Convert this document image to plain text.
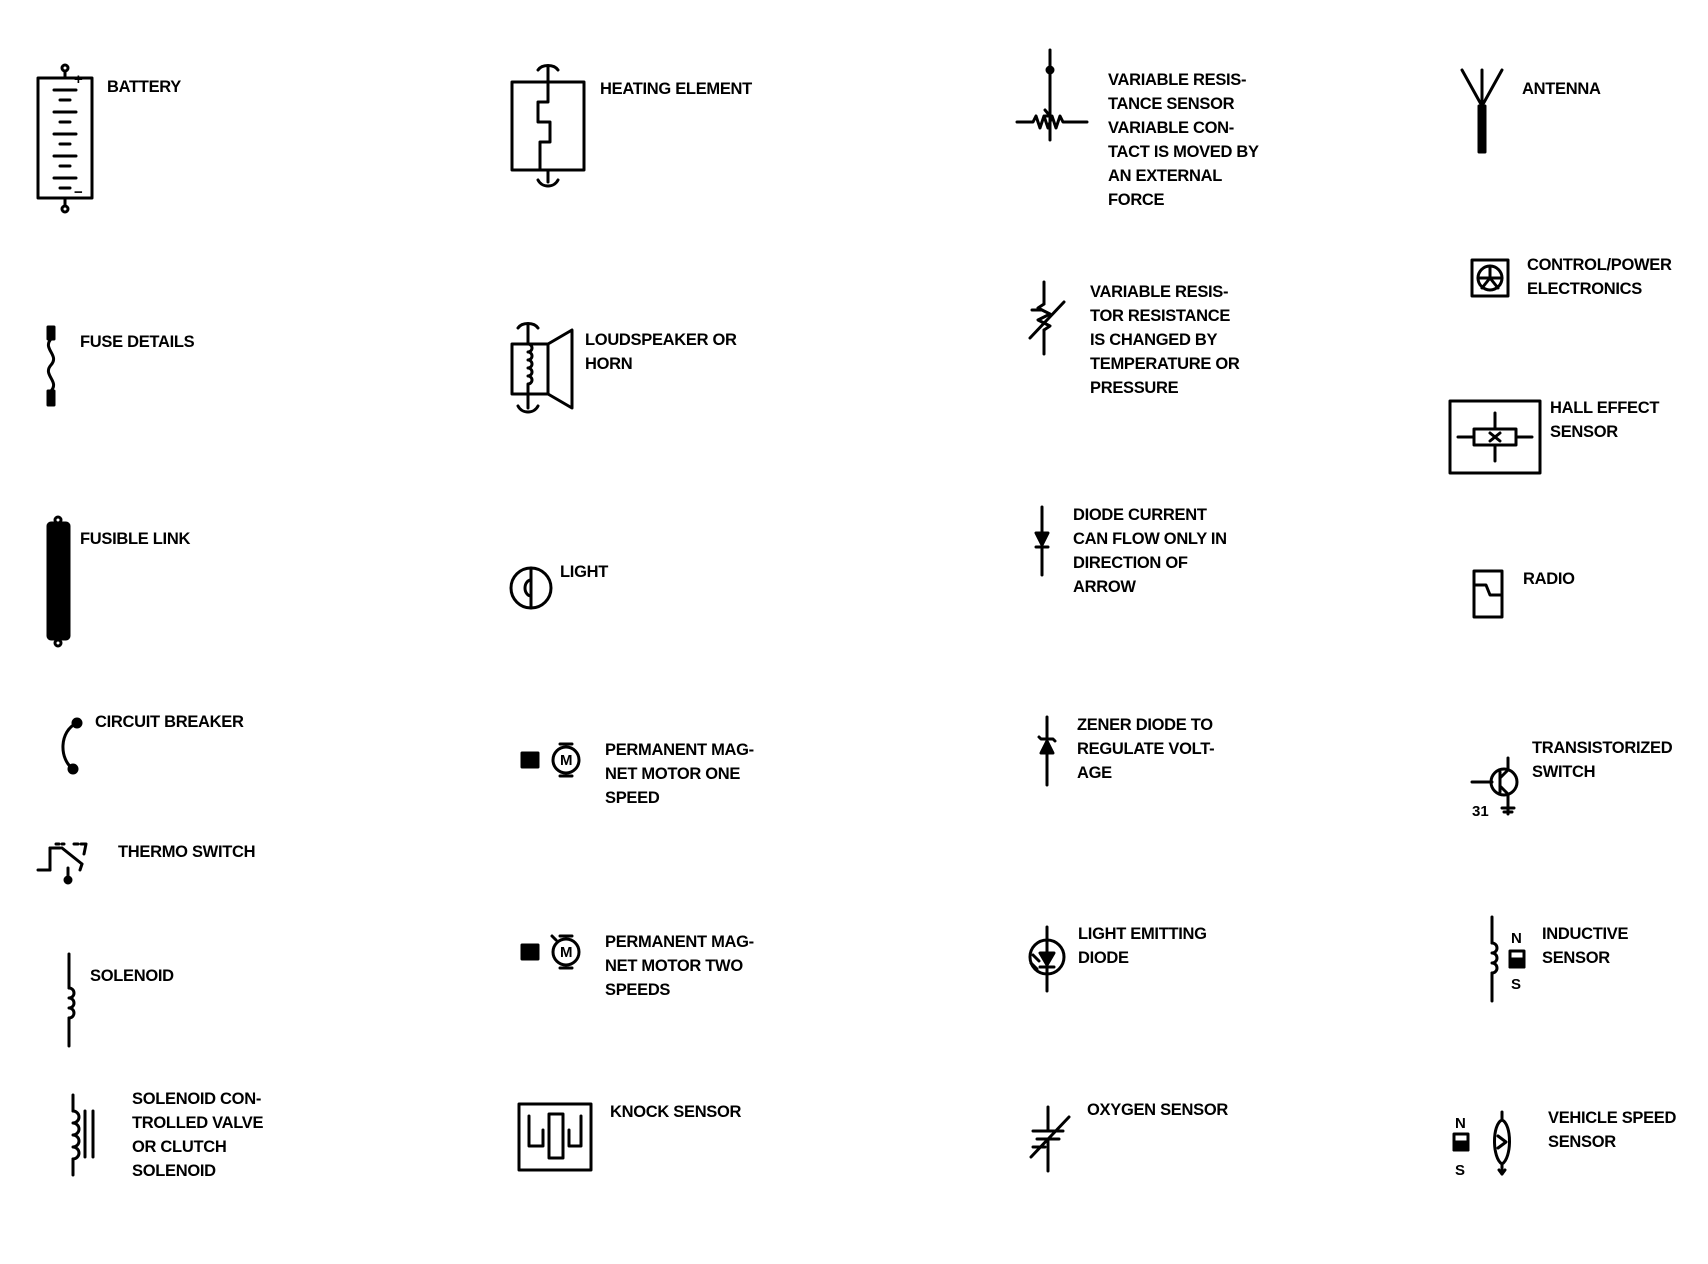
+
−
BATTERY
FUSE DETAILS
FUSIBLE LINK
CIRCUIT BREAKER
THERMO SWITCH
SOLENOID
SOLENOID CON-
TROLLED VALVE
OR CLUTCH
SOLENOID
HEATING ELEMENT
LOUDSPEAKER OR
HORN
LIGHT
M
PERMANENT MAG-
NET MOTOR ONE
SPEED
M
PERMANENT MAG-
NET MOTOR TWO
SPEEDS
KNOCK SENSOR
VARIABLE RESIS-
TANCE SENSOR
VARIABLE CON-
TACT IS MOVED BY
AN EXTERNAL
FORCE
VARIABLE RESIS-
TOR RESISTANCE
IS CHANGED BY
TEMPERATURE OR
PRESSURE
DIODE CURRENT
CAN FLOW ONLY IN
DIRECTION OF
ARROW
ZENER DIODE TO
REGULATE VOLT-
AGE
LIGHT EMITTING
DIODE
OXYGEN SENSOR
ANTENNA
CONTROL/POWER
ELECTRONICS
HALL EFFECT
SENSOR
RADIO
31
TRANSISTORIZED
SWITCH
N
S
INDUCTIVE
SENSOR
N
S
VEHICLE SPEED
SENSOR
